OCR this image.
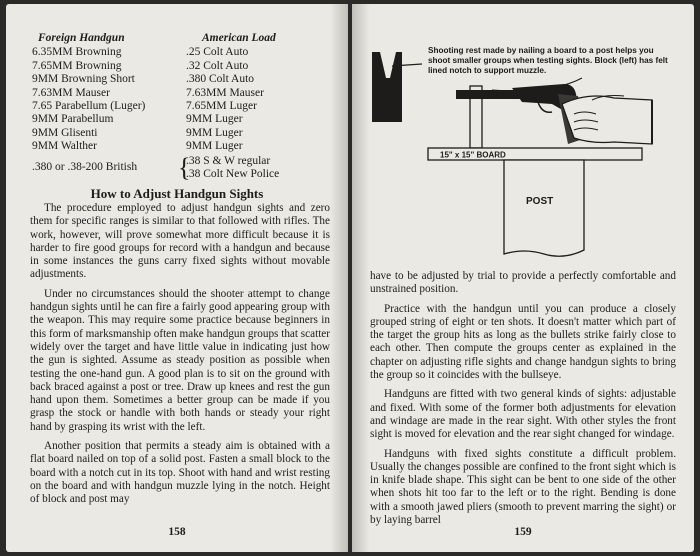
Foreign Handgun	American Load
6.35MM Browning	.25 Colt Auto
7.65MM Browning	.32 Colt Auto
9MM Browning Short	.380 Colt Auto
7.63MM Mauser	7.63MM Mauser
7.65 Parabellum (Luger)	7.65MM Luger
9MM Parabellum	9MM Luger
9MM Glisenti	9MM Luger
9MM Walther	9MM Luger
.380 or .38-200 British	{
.38 S & W regular
.38 Colt New Police
How to Adjust Handgun Sights

The procedure employed to adjust handgun sights and zero them for specific ranges is similar to that followed with rifles. The work, however, will prove somewhat more difficult because it is harder to fire good groups for record with a handgun and because in some instances the guns carry fixed sights without movable adjustments.

Under no circumstances should the shooter attempt to change handgun sights until he can fire a fairly good appearing group with the weapon. This may require some practice because beginners in this form of marksmanship often make handgun groups that scatter widely over the target and have little value in indicating just how the gun is sighted. Assume as steady position as possible when testing the one-hand gun. A good plan is to sit on the ground with back braced against a post or tree. Draw up knees and rest the gun hand upon them. Sometimes a better group can be made if you grasp the stock or handle with both hands or steady your right hand by grasping its wrist with the left.

Another position that permits a steady aim is obtained with a flat board nailed on top of a solid post. Fasten a small block to the board with a notch cut in its top. Shoot with hand and wrist resting on the board and with handgun muzzle lying in the notch. Height of block and post may

158
15" x 15" BOARD
POST
Shooting rest made by nailing a board to a post helps you shoot smaller groups when testing sights. Block (left) has felt lined notch to support muzzle.

have to be adjusted by trial to provide a perfectly comfortable and unstrained position.

Practice with the handgun until you can produce a closely grouped string of eight or ten shots. It doesn't matter which part of the target the group hits as long as the bullets strike fairly close to each other. Then compute the groups center as explained in the chapter on adjusting rifle sights and change handgun sights to bring the group so it coincides with the bullseye.

Handguns are fitted with two general kinds of sights: adjustable and fixed. With some of the former both adjustments for elevation and windage are made in the rear sight. With other styles the front sight is moved for elevation and the rear sight changed for windage.

Handguns with fixed sights constitute a difficult problem. Usually the changes possible are confined to the front sight which is in knife blade shape. This sight can be bent to one side of the other when shots hit too far to the left or to the right. Bending is done with a smooth jawed pliers (smooth to prevent marring the sight) or by laying barrel

159
